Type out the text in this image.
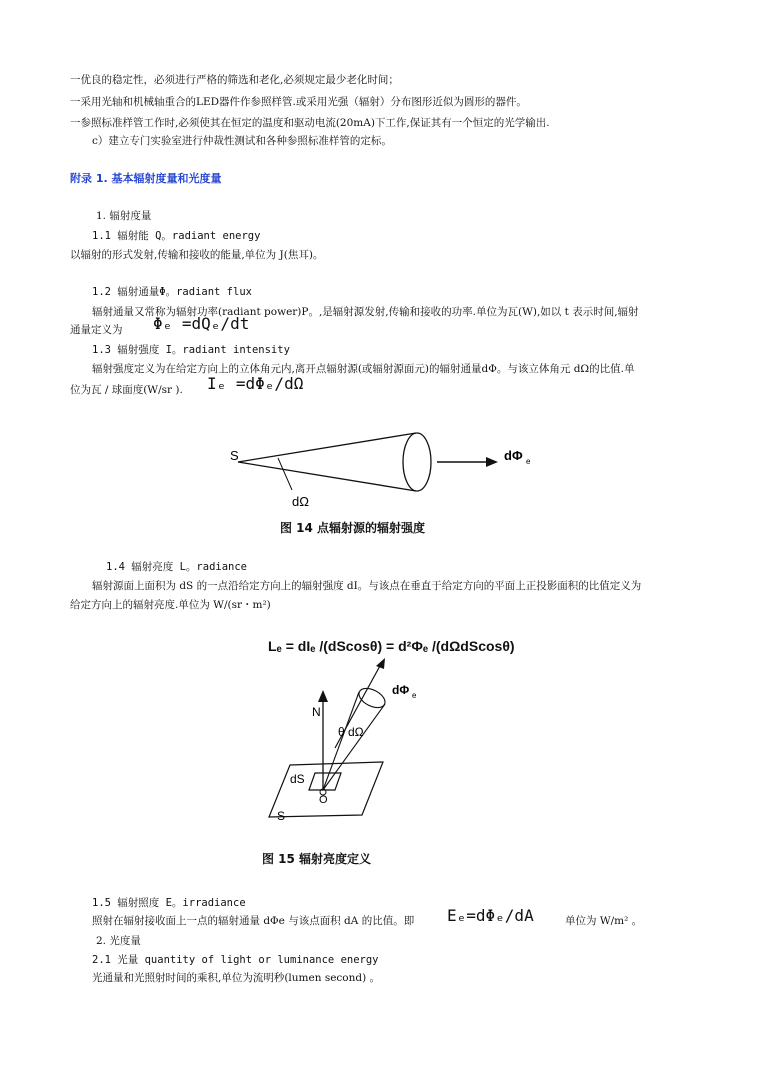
一优良的稳定性，必须进行严格的筛选和老化,必须规定最少老化时间；
一采用光轴和机械轴重合的LED器件作参照样管.或采用光强（辐射）分布图形近似为圆形的器件。
一参照标准样管工作时,必须使其在恒定的温度和驱动电流(20mA)下工作,保证其有一个恒定的光学输出.
c）建立专门实验室进行仲裁性测试和各种参照标准样管的定标。
附录 1. 基本辐射度量和光度量
1. 辐射度量
1.1 辐射能 Q。radiant energy
以辐射的形式发射,传输和接收的能量,单位为 J(焦耳)。
1.2 辐射通量Φ。radiant flux
辐射通量又常称为辐射功率(radiant power)P。,是辐射源发射,传输和接收的功率.单位为瓦(W),如以 t 表示时间,辐射
通量定义为 Φₑ =dQₑ/dt
1.3 辐射强度 I。radiant intensity
辐射强度定义为在给定方向上的立体角元内,离开点辐射源(或辐射源面元)的辐射通量dΦ。与该立体角元 dΩ的比值.单
位为瓦 / 球面度(W/sr ). Iₑ =dΦₑ/dΩ
S
dΩ
dΦ e
图 14 点辐射源的辐射强度
1.4 辐射亮度 L。radiance
辐射源面上面积为 dS 的一点沿给定方向上的辐射强度 dI。与该点在垂直于给定方向的平面上正投影面积的比值定义为
给定方向上的辐射亮度.单位为 W/(sr・m²)
Lₑ = dIₑ /(dScosθ) = d²Φₑ /(dΩdScosθ)
N
θ dΩ
dΦ e
dS
O
S
图 15 辐射亮度定义
1.5 辐射照度 E。irradiance
照射在辐射接收面上一点的辐射通量 dΦe 与该点面积 dA 的比值。即 Eₑ=dΦₑ/dA	单位为 W/m² 。
2. 光度量
2.1 光量 quantity of light or luminance energy
光通量和光照射时间的乘积,单位为流明秒(lumen second) 。
